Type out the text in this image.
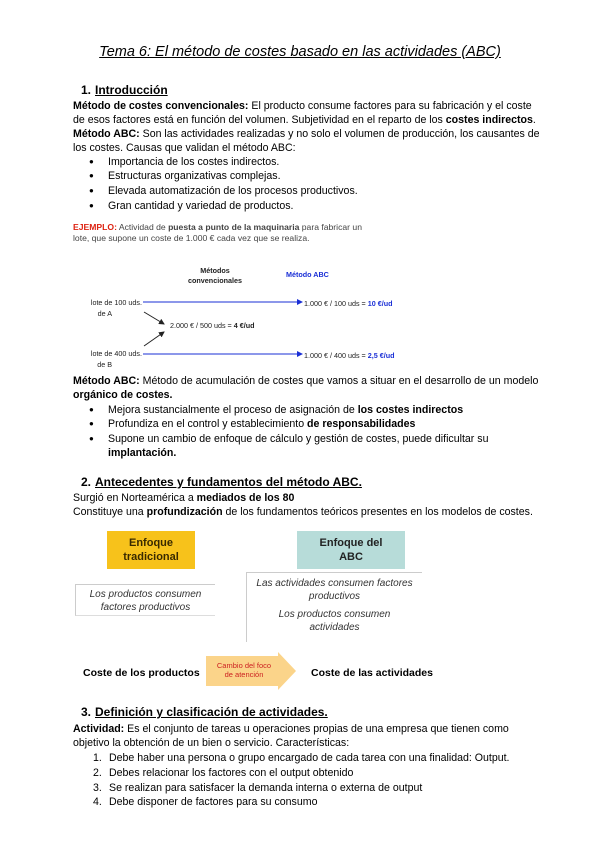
Tema 6: El método de costes basado en las actividades (ABC)
1. Introducción
Método de costes convencionales: El producto consume factores para su fabricación y el coste
de esos factores está en función del volumen. Subjetividad en el reparto de los costes indirectos.
Método ABC: Son las actividades realizadas y no solo el volumen de producción, los causantes de
los costes. Causas que validan el método ABC:
● Importancia de los costes indirectos.
● Estructuras organizativas complejas.
● Elevada automatización de los procesos productivos.
● Gran cantidad y variedad de productos.
EJEMPLO: Actividad de puesta a punto de la maquinaria para fabricar un
lote, que supone un coste de 1.000 € cada vez que se realiza.
Métodos
convencionales
Método ABC
lote de 100 uds.
de A
lote de 400 uds.
de B
2.000 € / 500 uds = 4 €/ud
1.000 € / 100 uds = 10 €/ud
1.000 € / 400 uds = 2,5 €/ud
Método ABC: Método de acumulación de costes que vamos a situar en el desarrollo de un modelo
orgánico de costes.
● Mejora sustancialmente el proceso de asignación de los costes indirectos
● Profundiza en el control y establecimiento de responsabilidades
● Supone un cambio de enfoque de cálculo y gestión de costes, puede dificultar su
implantación.
2. Antecedentes y fundamentos del método ABC.
Surgió en Norteamérica a mediados de los 80
Constituye una profundización de los fundamentos teóricos presentes en los modelos de costes.
Enfoque
tradicional
Enfoque del
ABC
Los productos consumen
factores productivos
Las actividades consumen factores
productivos
Los productos consumen
actividades
Coste de los productos
Cambio del foco
de atención	Coste de las actividades
3. Definición y clasificación de actividades.
Actividad: Es el conjunto de tareas u operaciones propias de una empresa que tienen como
objetivo la obtención de un bien o servicio. Características:
1. Debe haber una persona o grupo encargado de cada tarea con una finalidad: Output.
2. Debes relacionar los factores con el output obtenido
3. Se realizan para satisfacer la demanda interna o externa de output
4. Debe disponer de factores para su consumo
